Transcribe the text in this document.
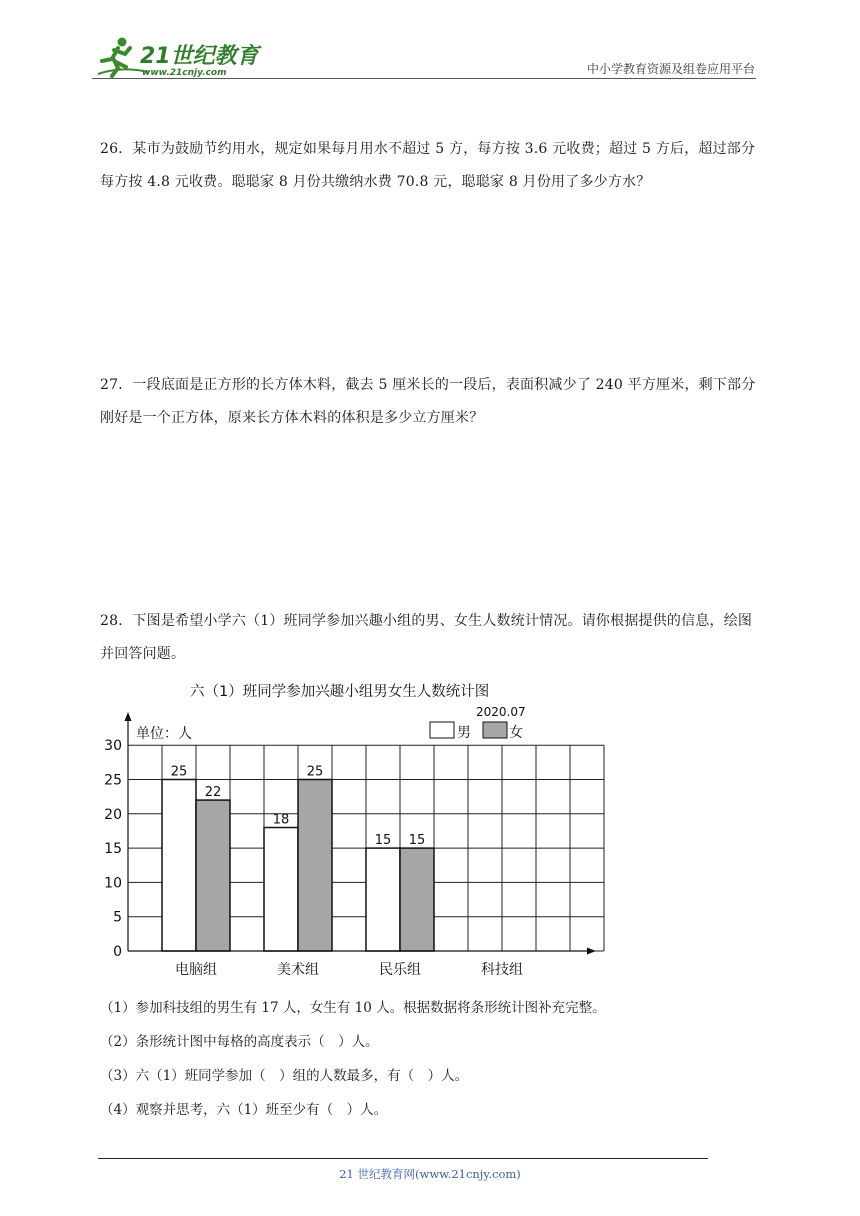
21世纪教育
www.21cnjy.com	中小学教育资源及组卷应用平台
26．某市为鼓励节约用水，规定如果每月用水不超过 5 方，每方按 3.6 元收费；超过 5 方后，超过部分每方按 4.8 元收费。聪聪家 8 月份共缴纳水费 70.8 元，聪聪家 8 月份用了多少方水？
27．一段底面是正方形的长方体木料，截去 5 厘米长的一段后，表面积减少了 240 平方厘米，剩下部分刚好是一个正方体，原来长方体木料的体积是多少立方厘米？
28．下图是希望小学六（1）班同学参加兴趣小组的男、女生人数统计情况。请你根据提供的信息，绘图并回答问题。
六（1）班同学参加兴趣小组男女生人数统计图
2020.07
单位：人	男	女
0
5
10
15
20
25
30
25
22
18
25
15 15
电脑组	美术组	民乐组	科技组
（1）参加科技组的男生有 17 人，女生有 10 人。根据数据将条形统计图补充完整。
（2）条形统计图中每格的高度表示（　）人。
（3）六（1）班同学参加（　）组的人数最多，有（　）人。
（4）观察并思考，六（1）班至少有（　）人。
21 世纪教育网(www.21cnjy.com)
